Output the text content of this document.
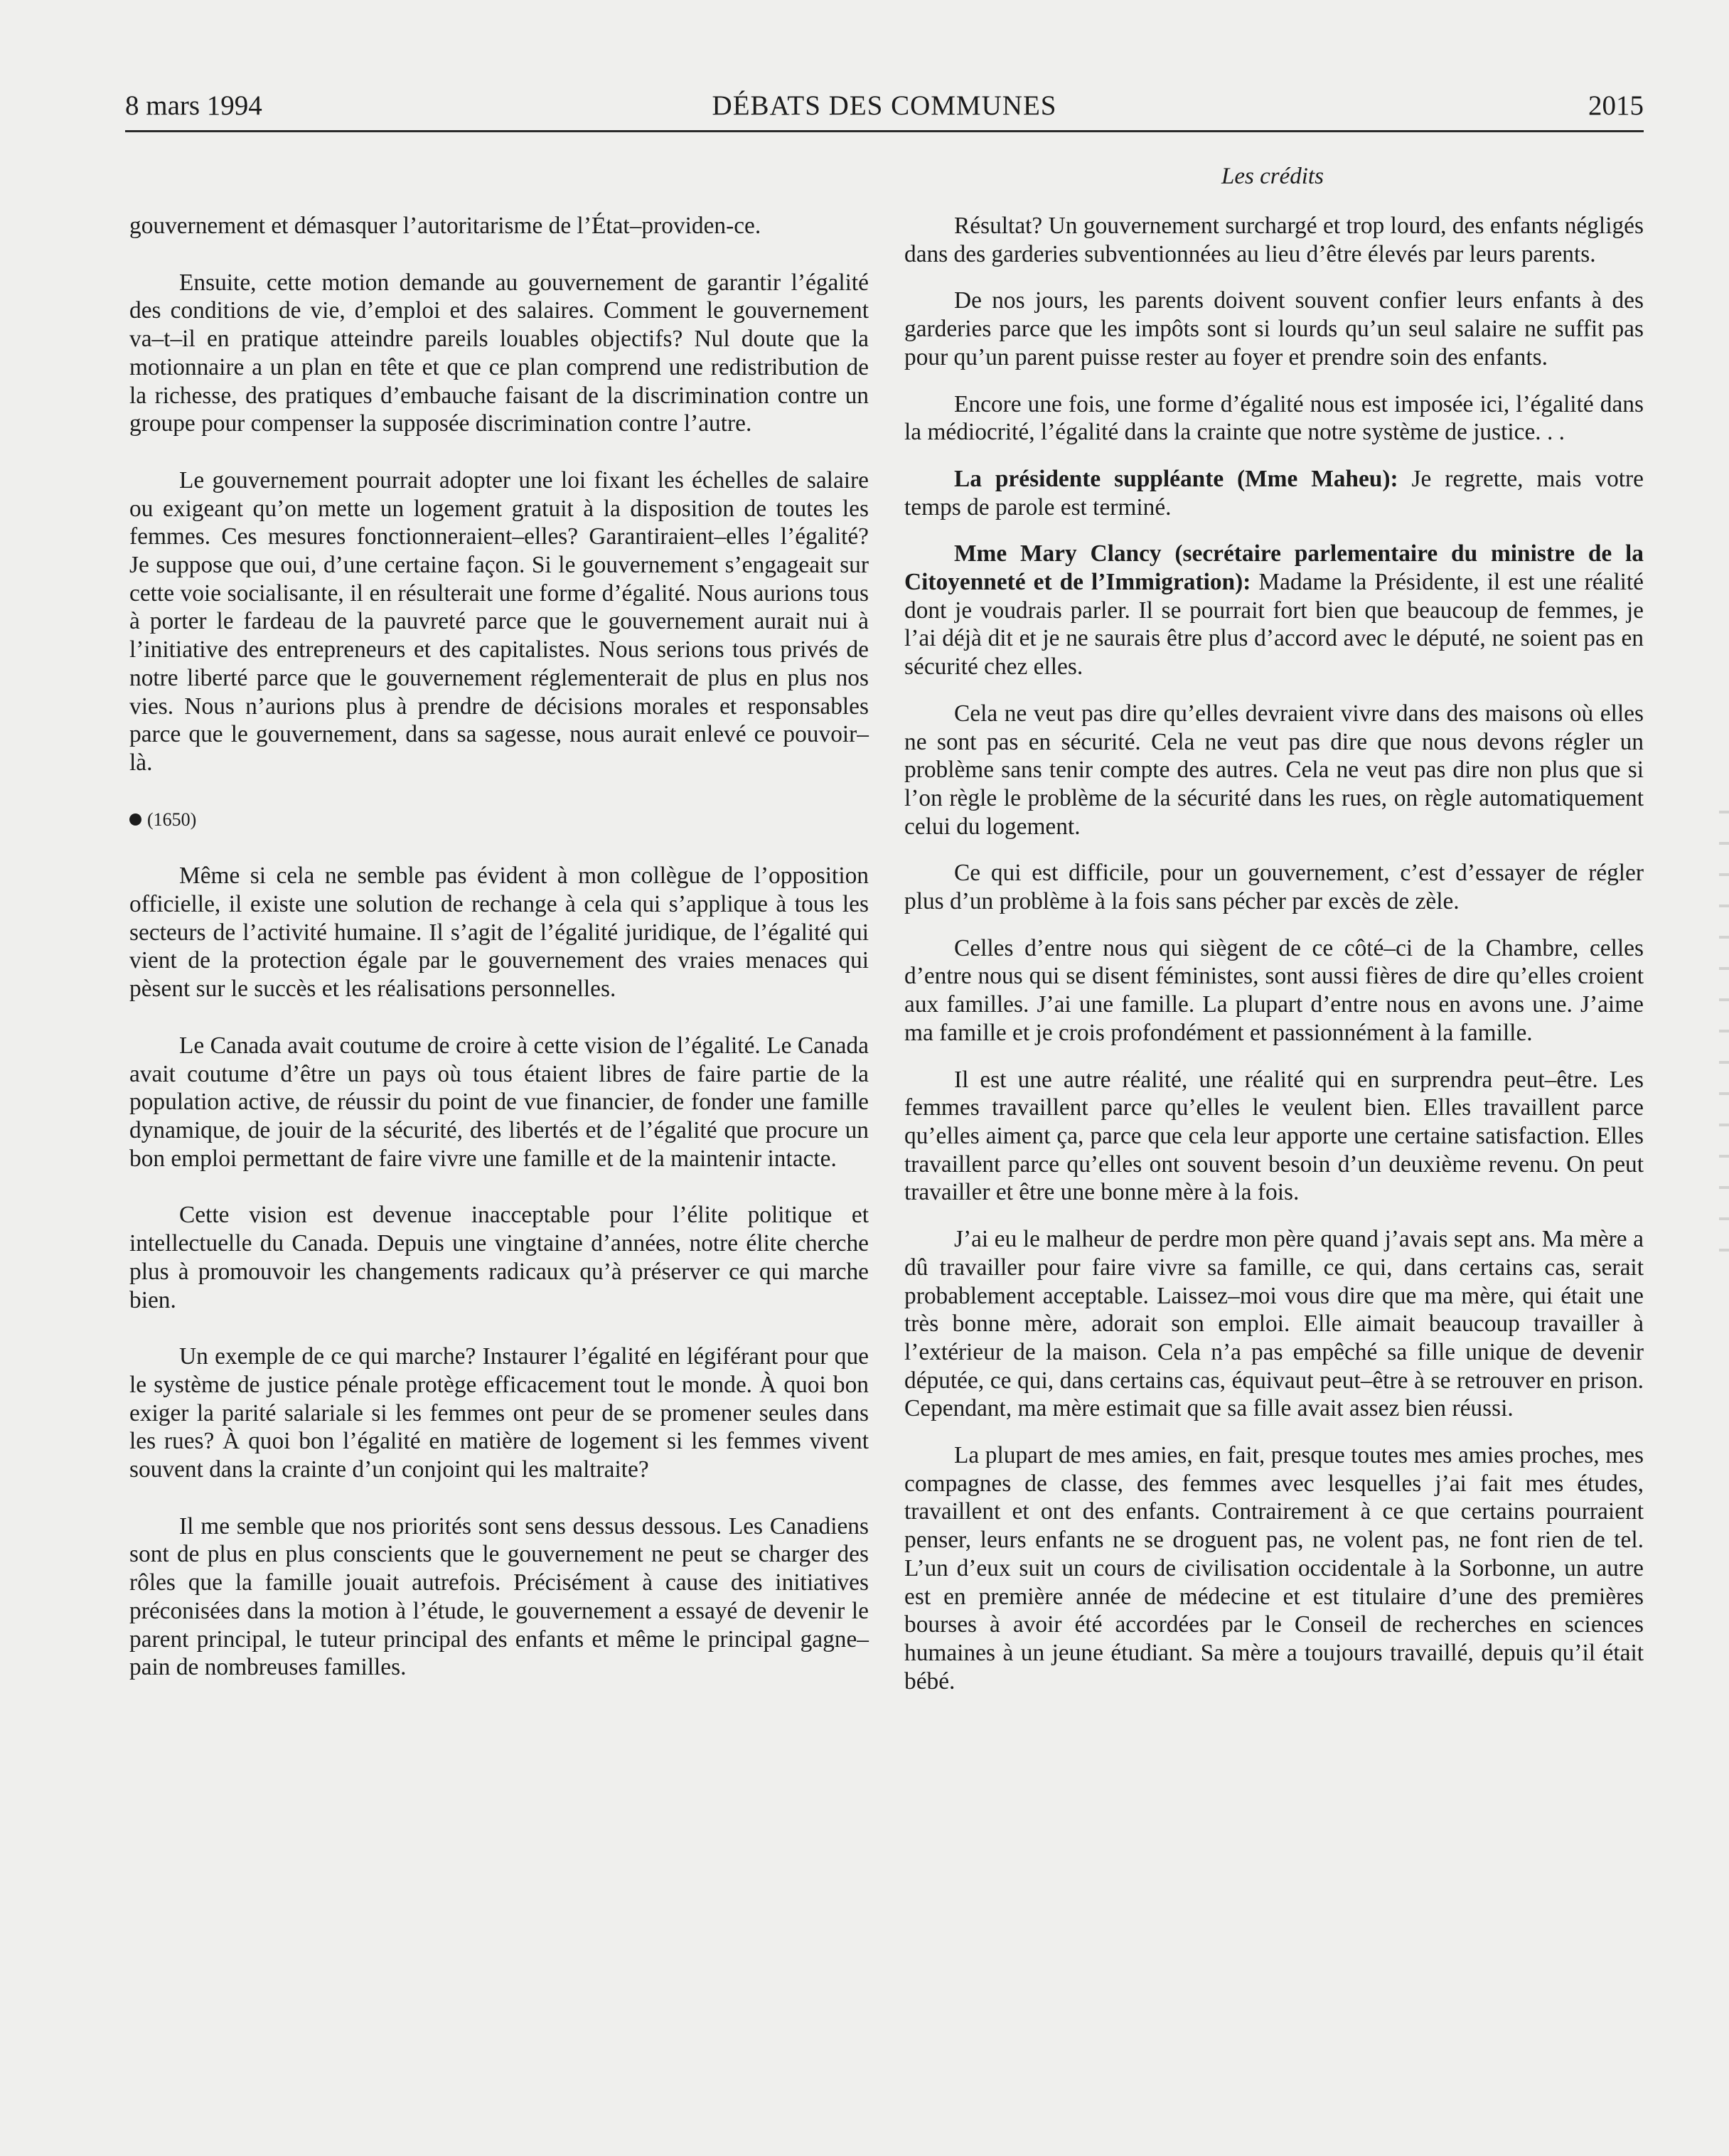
8 mars 1994	DÉBATS DES COMMUNES	2015
Les crédits

gouvernement et démasquer l’autoritarisme de l’État–providen-ce.

Ensuite, cette motion demande au gouvernement de garantir l’égalité des conditions de vie, d’emploi et des salaires. Comment le gouvernement va–t–il en pratique atteindre pareils louables objectifs? Nul doute que la motionnaire a un plan en tête et que ce plan comprend une redistribution de la richesse, des pratiques d’embauche faisant de la discrimination contre un groupe pour compenser la supposée discrimination contre l’autre.

Le gouvernement pourrait adopter une loi fixant les échelles de salaire ou exigeant qu’on mette un logement gratuit à la disposition de toutes les femmes. Ces mesures fonctionneraient–elles? Garantiraient–elles l’égalité? Je suppose que oui, d’une certaine façon. Si le gouvernement s’engageait sur cette voie socialisante, il en résulterait une forme d’égalité. Nous aurions tous à porter le fardeau de la pauvreté parce que le gouvernement aurait nui à l’initiative des entrepreneurs et des capitalistes. Nous serions tous privés de notre liberté parce que le gouvernement réglementerait de plus en plus nos vies. Nous n’aurions plus à prendre de décisions morales et responsables parce que le gouvernement, dans sa sagesse, nous aurait enlevé ce pouvoir–là.

(1650)

Même si cela ne semble pas évident à mon collègue de l’opposition officielle, il existe une solution de rechange à cela qui s’applique à tous les secteurs de l’activité humaine. Il s’agit de l’égalité juridique, de l’égalité qui vient de la protection égale par le gouvernement des vraies menaces qui pèsent sur le succès et les réalisations personnelles.

Le Canada avait coutume de croire à cette vision de l’égalité. Le Canada avait coutume d’être un pays où tous étaient libres de faire partie de la population active, de réussir du point de vue financier, de fonder une famille dynamique, de jouir de la sécurité, des libertés et de l’égalité que procure un bon emploi permettant de faire vivre une famille et de la maintenir intacte.

Cette vision est devenue inacceptable pour l’élite politique et intellectuelle du Canada. Depuis une vingtaine d’années, notre élite cherche plus à promouvoir les changements radicaux qu’à préserver ce qui marche bien.

Un exemple de ce qui marche? Instaurer l’égalité en légiférant pour que le système de justice pénale protège efficacement tout le monde. À quoi bon exiger la parité salariale si les femmes ont peur de se promener seules dans les rues? À quoi bon l’égalité en matière de logement si les femmes vivent souvent dans la crainte d’un conjoint qui les maltraite?

Il me semble que nos priorités sont sens dessus dessous. Les Canadiens sont de plus en plus conscients que le gouvernement ne peut se charger des rôles que la famille jouait autrefois. Précisément à cause des initiatives préconisées dans la motion à l’étude, le gouvernement a essayé de devenir le parent principal, le tuteur principal des enfants et même le principal gagne–pain de nombreuses familles.

Résultat? Un gouvernement surchargé et trop lourd, des enfants négligés dans des garderies subventionnées au lieu d’être élevés par leurs parents.

De nos jours, les parents doivent souvent confier leurs enfants à des garderies parce que les impôts sont si lourds qu’un seul salaire ne suffit pas pour qu’un parent puisse rester au foyer et prendre soin des enfants.

Encore une fois, une forme d’égalité nous est imposée ici, l’égalité dans la médiocrité, l’égalité dans la crainte que notre système de justice. . .

La présidente suppléante (Mme Maheu): Je regrette, mais votre temps de parole est terminé.

Mme Mary Clancy (secrétaire parlementaire du ministre de la Citoyenneté et de l’Immigration): Madame la Présidente, il est une réalité dont je voudrais parler. Il se pourrait fort bien que beaucoup de femmes, je l’ai déjà dit et je ne saurais être plus d’accord avec le député, ne soient pas en sécurité chez elles.

Cela ne veut pas dire qu’elles devraient vivre dans des maisons où elles ne sont pas en sécurité. Cela ne veut pas dire que nous devons régler un problème sans tenir compte des autres. Cela ne veut pas dire non plus que si l’on règle le problème de la sécurité dans les rues, on règle automatiquement celui du logement.

Ce qui est difficile, pour un gouvernement, c’est d’essayer de régler plus d’un problème à la fois sans pécher par excès de zèle.

Celles d’entre nous qui siègent de ce côté–ci de la Chambre, celles d’entre nous qui se disent féministes, sont aussi fières de dire qu’elles croient aux familles. J’ai une famille. La plupart d’entre nous en avons une. J’aime ma famille et je crois profondément et passionnément à la famille.

Il est une autre réalité, une réalité qui en surprendra peut–être. Les femmes travaillent parce qu’elles le veulent bien. Elles travaillent parce qu’elles aiment ça, parce que cela leur apporte une certaine satisfaction. Elles travaillent parce qu’elles ont souvent besoin d’un deuxième revenu. On peut travailler et être une bonne mère à la fois.

J’ai eu le malheur de perdre mon père quand j’avais sept ans. Ma mère a dû travailler pour faire vivre sa famille, ce qui, dans certains cas, serait probablement acceptable. Laissez–moi vous dire que ma mère, qui était une très bonne mère, adorait son emploi. Elle aimait beaucoup travailler à l’extérieur de la maison. Cela n’a pas empêché sa fille unique de devenir députée, ce qui, dans certains cas, équivaut peut–être à se retrouver en prison. Cependant, ma mère estimait que sa fille avait assez bien réussi.

La plupart de mes amies, en fait, presque toutes mes amies proches, mes compagnes de classe, des femmes avec lesquelles j’ai fait mes études, travaillent et ont des enfants. Contrairement à ce que certains pourraient penser, leurs enfants ne se droguent pas, ne volent pas, ne font rien de tel. L’un d’eux suit un cours de civilisation occidentale à la Sorbonne, un autre est en première année de médecine et est titulaire d’une des premières bourses à avoir été accordées par le Conseil de recherches en sciences humaines à un jeune étudiant. Sa mère a toujours travaillé, depuis qu’il était bébé.
